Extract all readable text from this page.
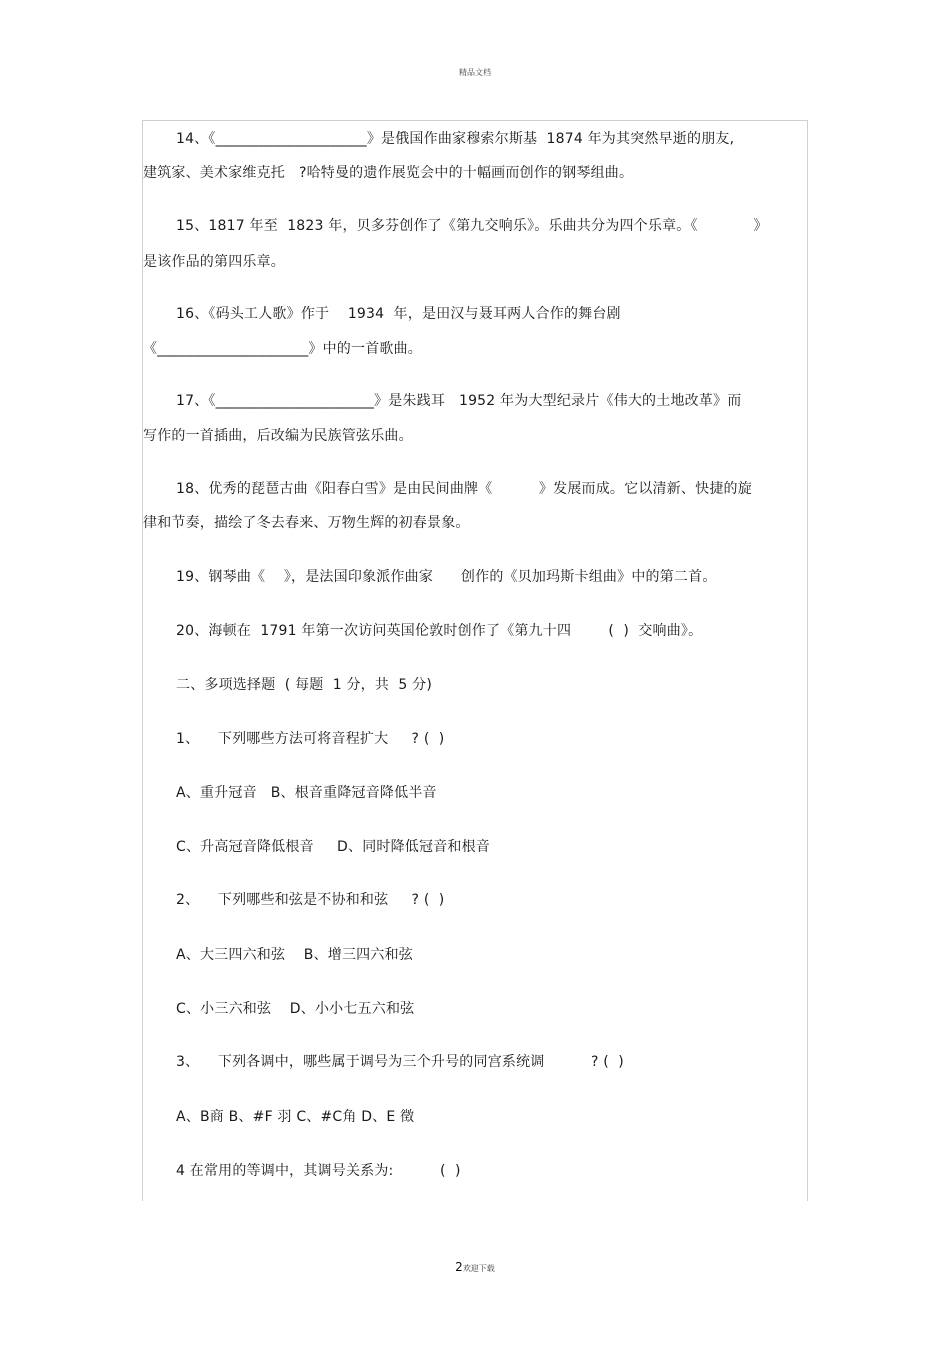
精品文档
14、《_____________________》是俄国作曲家穆索尔斯基  1874 年为其突然早逝的朋友,
建筑家、美术家维克托   ?哈特曼的遗作展览会中的十幅画而创作的钢琴组曲。
15、1817 年至  1823 年，贝多芬创作了《第九交响乐》。乐曲共分为四个乐章。《            》
是该作品的第四乐章。
16、《码头工人歌》作于    1934  年，是田汉与聂耳两人合作的舞台剧
《_____________________》中的一首歌曲。
17、《______________________》是朱践耳   1952 年为大型纪录片《伟大的土地改革》而
写作的一首插曲，后改编为民族管弦乐曲。
18、优秀的琵琶古曲《阳春白雪》是由民间曲牌《          》发展而成。它以清新、快捷的旋
律和节奏，描绘了冬去春来、万物生辉的初春景象。
19、钢琴曲《    》，是法国印象派作曲家      创作的《贝加玛斯卡组曲》中的第二首。
20、海顿在  1791 年第一次访问英国伦敦时创作了《第九十四        (  )  交响曲》。
二、多项选择题  ( 每题  1 分，共  5 分)
1、    下列哪些方法可将音程扩大     ? (  )
A、重升冠音   B、根音重降冠音降低半音
C、升高冠音降低根音     D、同时降低冠音和根音
2、    下列哪些和弦是不协和和弦     ? (  )
A、大三四六和弦    B、增三四六和弦
C、小三六和弦    D、小小七五六和弦
3、    下列各调中，哪些属于调号为三个升号的同宫系统调          ? (  )
A、B商 B、#F 羽 C、#C角 D、E 徵
4 在常用的等调中，其调号关系为:          (  )
2欢迎下载
